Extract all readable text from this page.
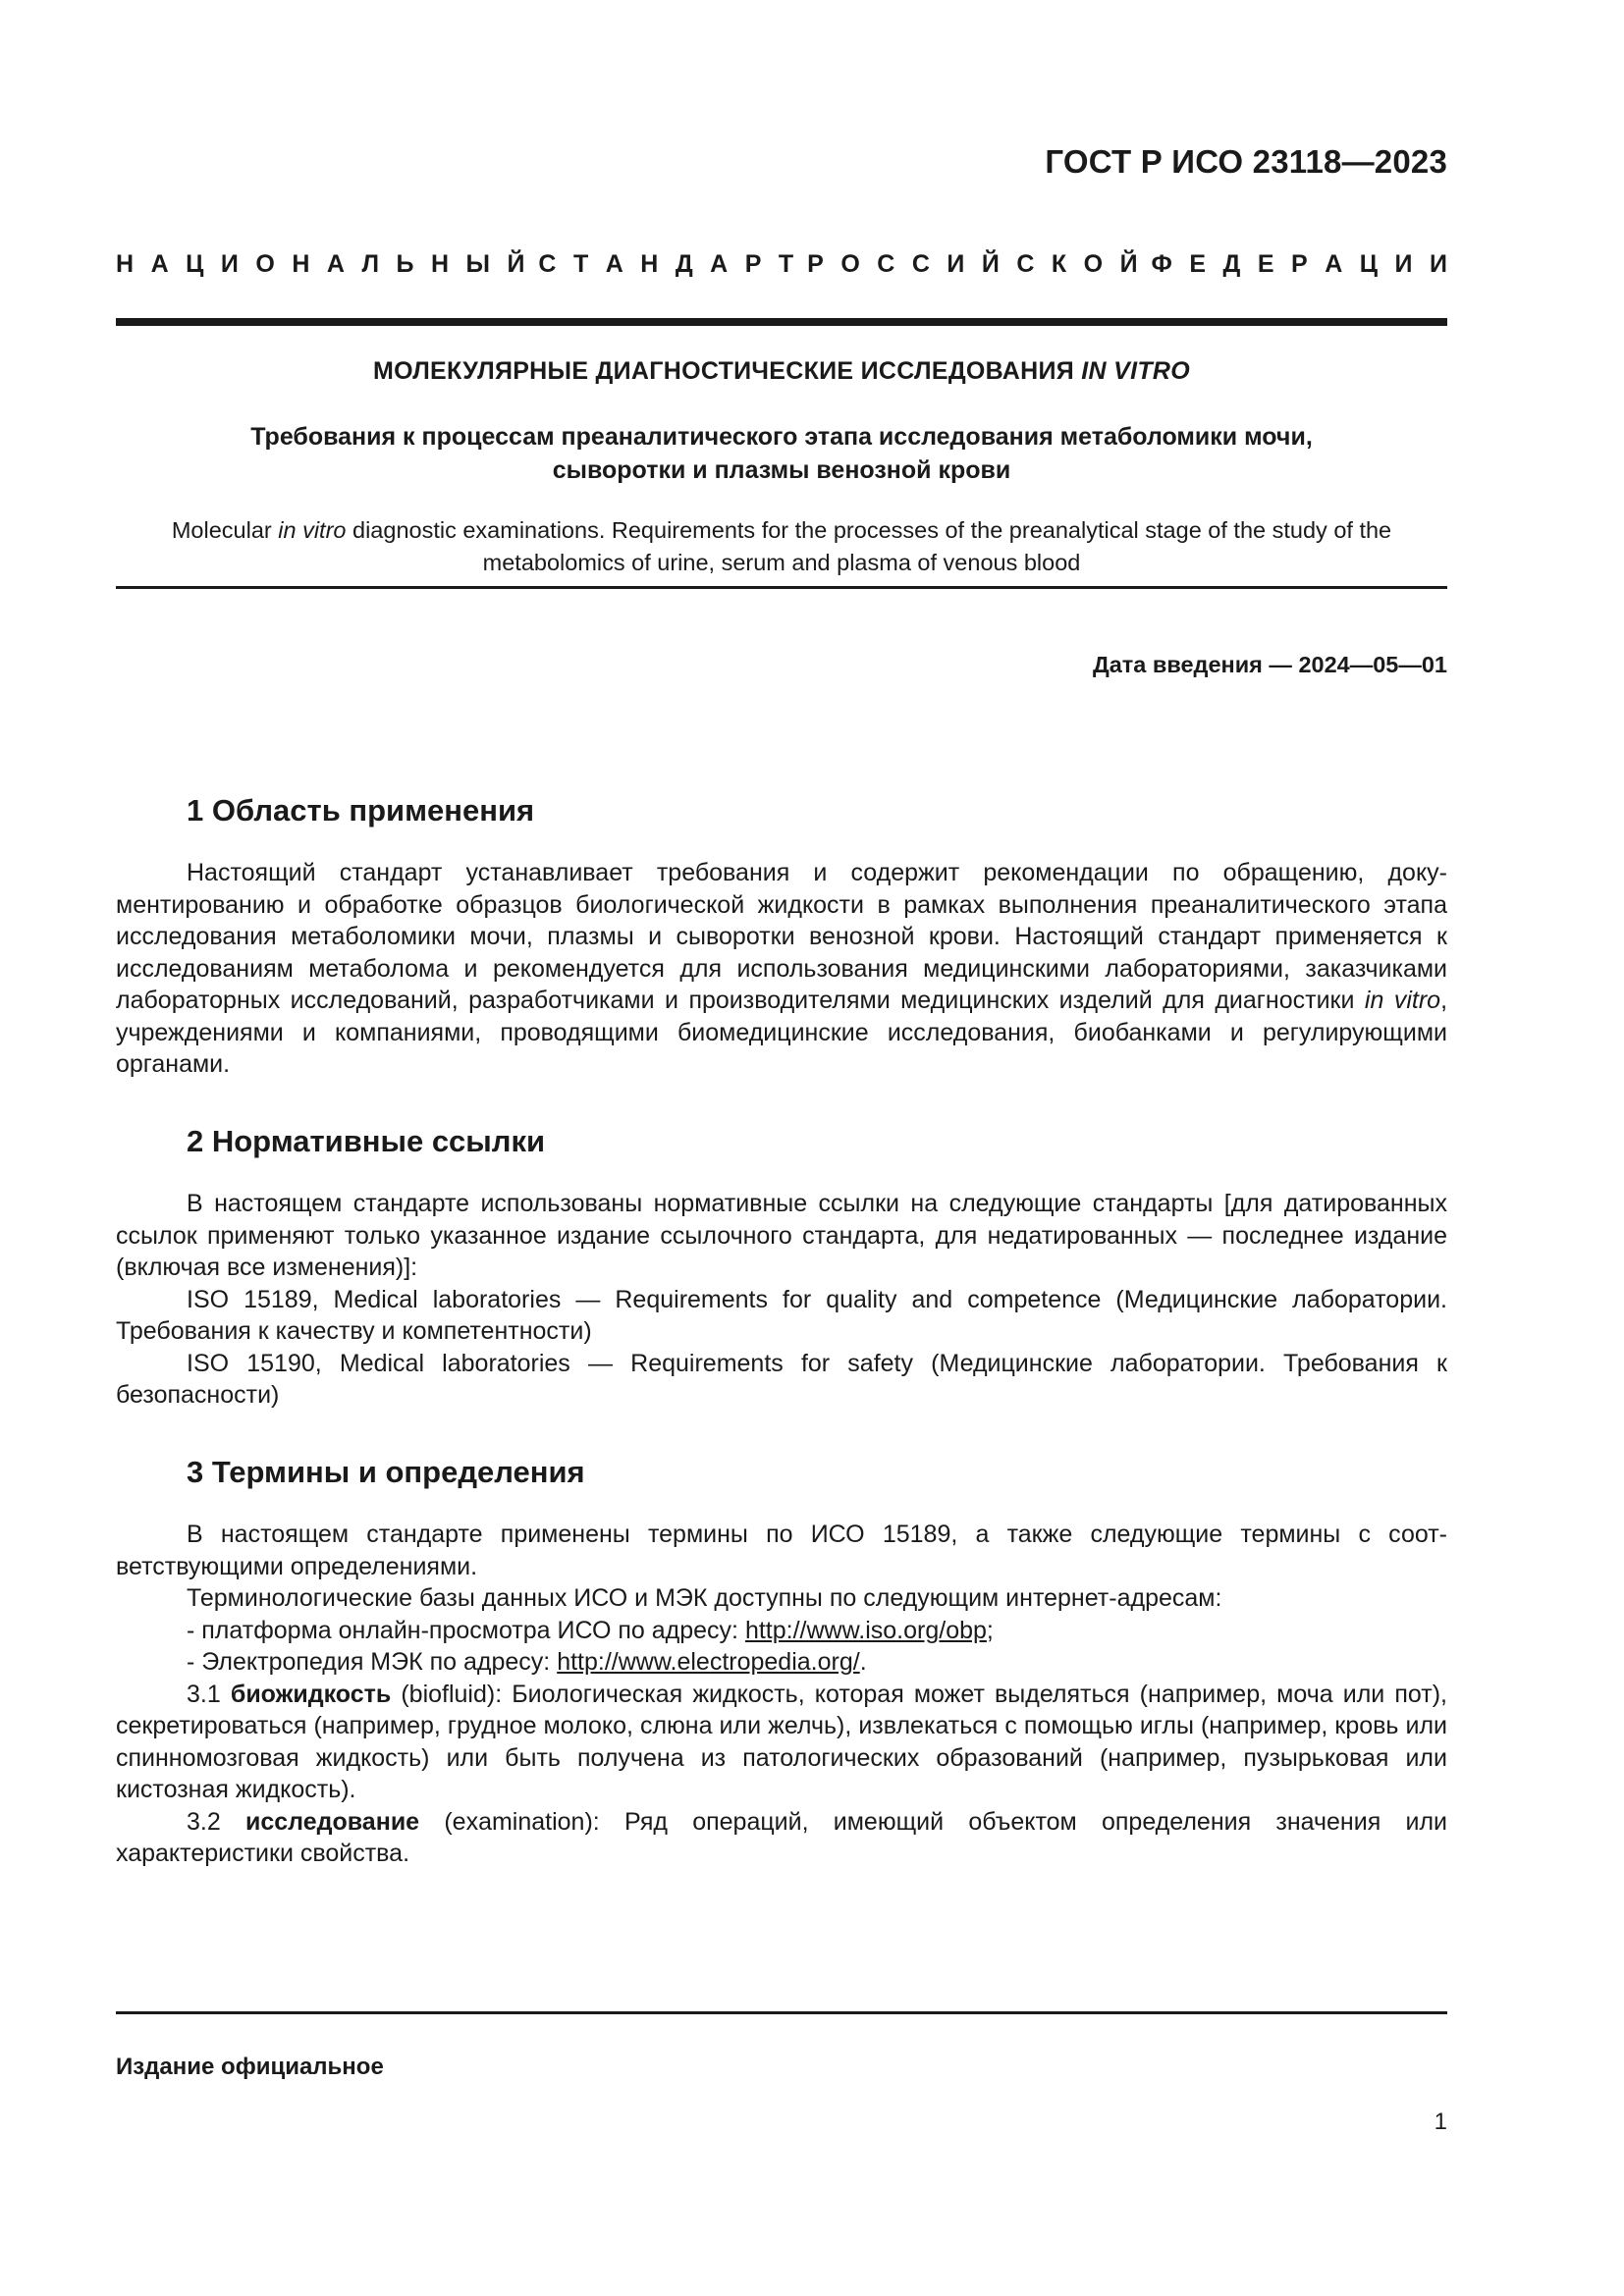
ГОСТ Р ИСО 23118—2023
Н А Ц И О Н А Л Ь Н Ы Й С Т А Н Д А Р Т Р О С С И Й С К О Й Ф Е Д Е Р А Ц И И
МОЛЕКУЛЯРНЫЕ ДИАГНОСТИЧЕСКИЕ ИССЛЕДОВАНИЯ IN VITRO
Требования к процессам преаналитического этапа исследования метаболомики мочи,
сыворотки и плазмы венозной крови
Molecular in vitro diagnostic examinations. Requirements for the processes of the preanalytical stage of the study of the
metabolomics of urine, serum and plasma of venous blood
Дата введения — 2024—05—01
1 Область применения

Настоящий стандарт устанавливает требования и содержит рекомендации по обращению, документированию и обработке образцов биологической жидкости в рамках выполнения преаналитического этапа исследования метаболомики мочи, плазмы и сыворотки венозной крови. Настоящий стандарт применяется к исследованиям метаболома и рекомендуется для использования медицинскими лабораториями, заказчиками лабораторных исследований, разработчиками и производителями медицинских изделий для диагностики in vitro, учреждениями и компаниями, проводящими биомедицинские исследования, биобанками и регулирующими органами.

2 Нормативные ссылки

В настоящем стандарте использованы нормативные ссылки на следующие стандарты [для датированных ссылок применяют только указанное издание ссылочного стандарта, для недатированных — последнее издание (включая все изменения)]:

ISO 15189, Medical laboratories — Requirements for quality and competence (Медицинские лаборатории. Требования к качеству и компетентности)

ISO 15190, Medical laboratories — Requirements for safety (Медицинские лаборатории. Требования к безопасности)

3 Термины и определения

В настоящем стандарте применены термины по ИСО 15189, а также следующие термины с соответствующими определениями.

Терминологические базы данных ИСО и МЭК доступны по следующим интернет-адресам:

- платформа онлайн-просмотра ИСО по адресу: http://www.iso.org/obp;

- Электропедия МЭК по адресу: http://www.electropedia.org/.

3.1 биожидкость (biofluid): Биологическая жидкость, которая может выделяться (например, моча или пот), секретироваться (например, грудное молоко, слюна или желчь), извлекаться с помощью иглы (например, кровь или спинномозговая жидкость) или быть получена из патологических образований (например, пузырьковая или кистозная жидкость).

3.2 исследование (examination): Ряд операций, имеющий объектом определения значения или характеристики свойства.

Издание официальное
1
